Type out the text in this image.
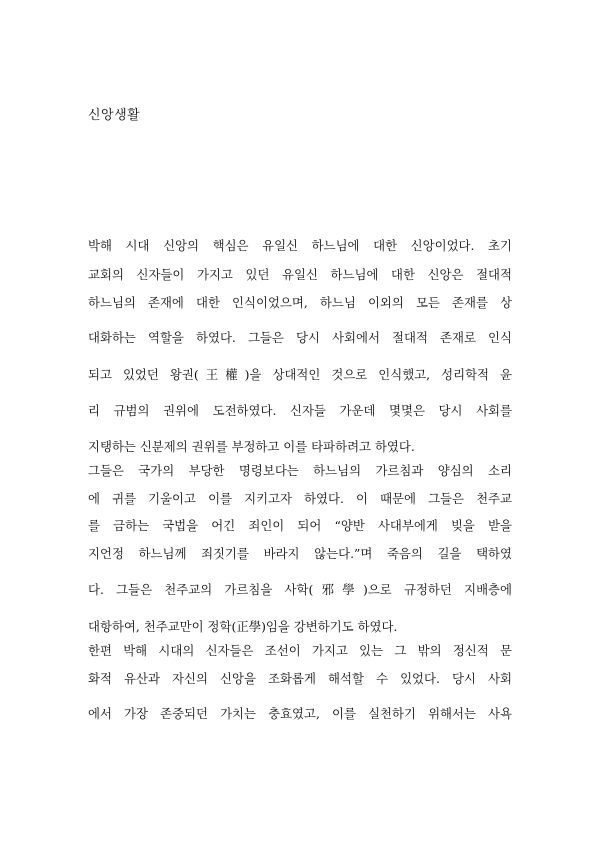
신앙생활
박해 시대 신앙의 핵심은 유일신 하느님에 대한 신앙이었다. 초기
교회의 신자들이 가지고 있던 유일신 하느님에 대한 신앙은 절대적
하느님의 존재에 대한 인식이었으며, 하느님 이외의 모든 존재를 상
대화하는 역할을 하였다. 그들은 당시 사회에서 절대적 존재로 인식
되고 있었던 왕권(王權)을 상대적인 것으로 인식했고, 성리학적 윤
리 규범의 권위에 도전하였다. 신자들 가운데 몇몇은 당시 사회를
지탱하는 신분제의 권위를 부정하고 이를 타파하려고 하였다.
그들은 국가의 부당한 명령보다는 하느님의 가르침과 양심의 소리
에 귀를 기울이고 이를 지키고자 하였다. 이 때문에 그들은 천주교
를 금하는 국법을 어긴 죄인이 되어 “양반 사대부에게 빚을 받을
지언정 하느님께 죄짓기를 바라지 않는다.”며 죽음의 길을 택하였
다. 그들은 천주교의 가르침을 사학(邪學)으로 규정하던 지배층에
대항하여, 천주교만이 정학(正學)임을 강변하기도 하였다.
한편 박해 시대의 신자들은 조선이 가지고 있는 그 밖의 정신적 문
화적 유산과 자신의 신앙을 조화롭게 해석할 수 있었다. 당시 사회
에서 가장 존중되던 가치는 충효였고, 이를 실천하기 위해서는 사욕
